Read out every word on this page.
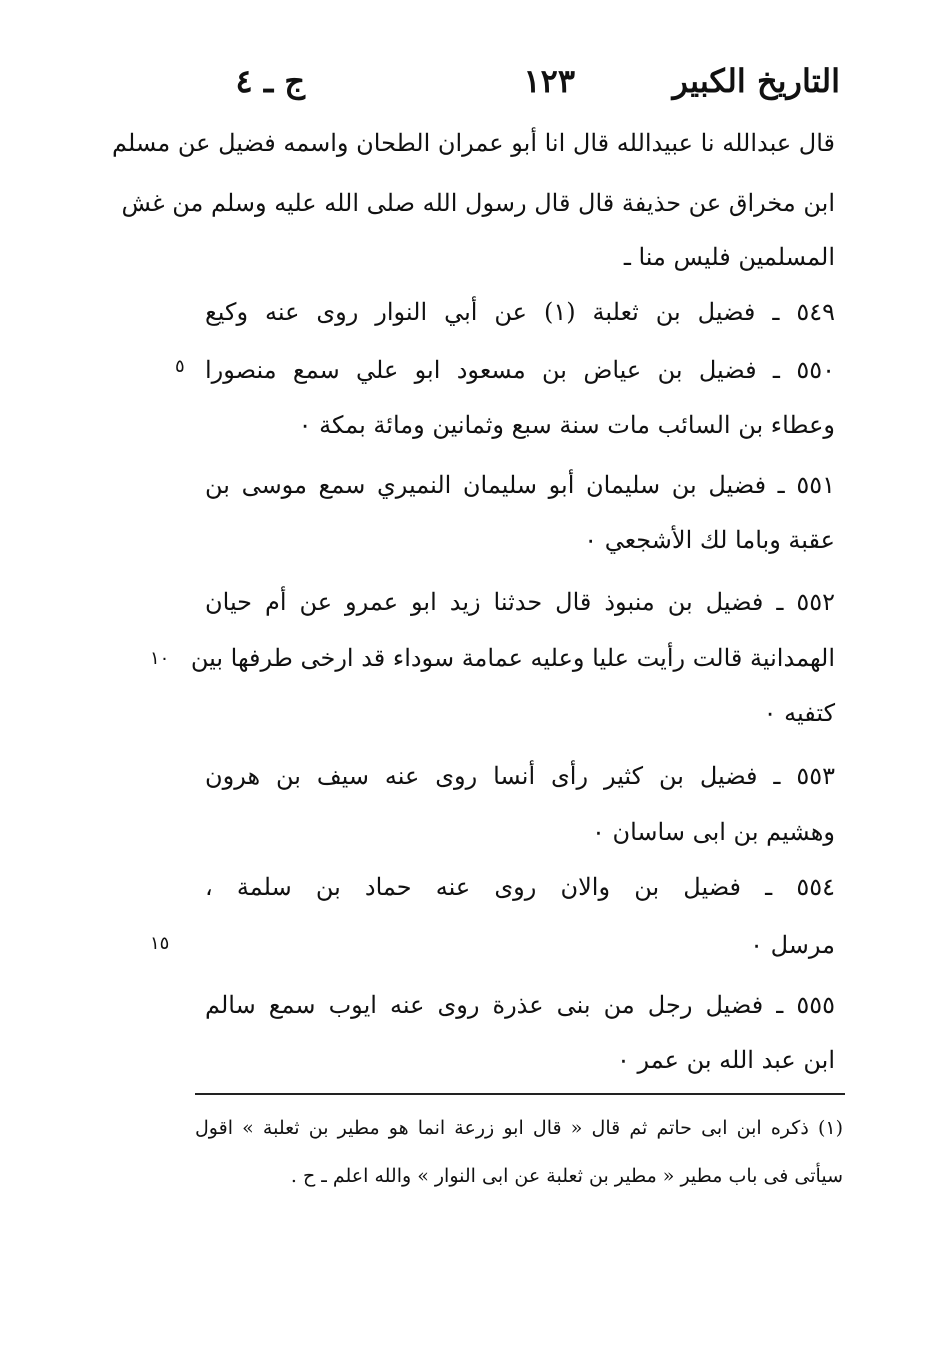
التاريخ الكبير
١٢٣
ج ـ ٤
قال عبدالله نا عبيدالله قال انا أبو عمران الطحان واسمه فضيل عن مسلم
ابن مخراق عن حذيفة قال قال رسول الله صلى الله عليه وسلم من غش
المسلمين فليس منا ـ
٥٤٩ ـ فضيل بن ثعلبة (١) عن أبي النوار روى عنه وكيع
٥٥٠ ـ فضيل بن عياض بن مسعود ابو علي سمع منصورا
وعطاء بن السائب مات سنة سبع وثمانين ومائة بمكة ٠
٥٥١ ـ فضيل بن سليمان أبو سليمان النميري سمع موسى بن
عقبة وباما لك الأشجعي ٠
٥٥٢ ـ فضيل بن منبوذ قال حدثنا زيد ابو عمرو عن أم حيان
الهمدانية قالت رأيت عليا وعليه عمامة سوداء قد ارخى طرفها بين
كتفيه ٠
٥٥٣ ـ فضيل بن كثير رأى أنسا روى عنه سيف بن هرون
وهشيم بن ابى ساسان ٠
٥٥٤ ـ فضيل بن والان روى عنه حماد بن سلمة ،
مرسل ٠
٥٥٥ ـ فضيل رجل من بنى عذرة روى عنه ايوب سمع سالم
ابن عبد الله بن عمر ٠
٥
١٠
١٥
(١) ذكره ابن ابى حاتم ثم قال « قال ابو زرعة انما هو مطير بن ثعلبة » اقول
سيأتى فى باب مطير « مطير بن ثعلبة عن ابى النوار » والله اعلم ـ ح .
